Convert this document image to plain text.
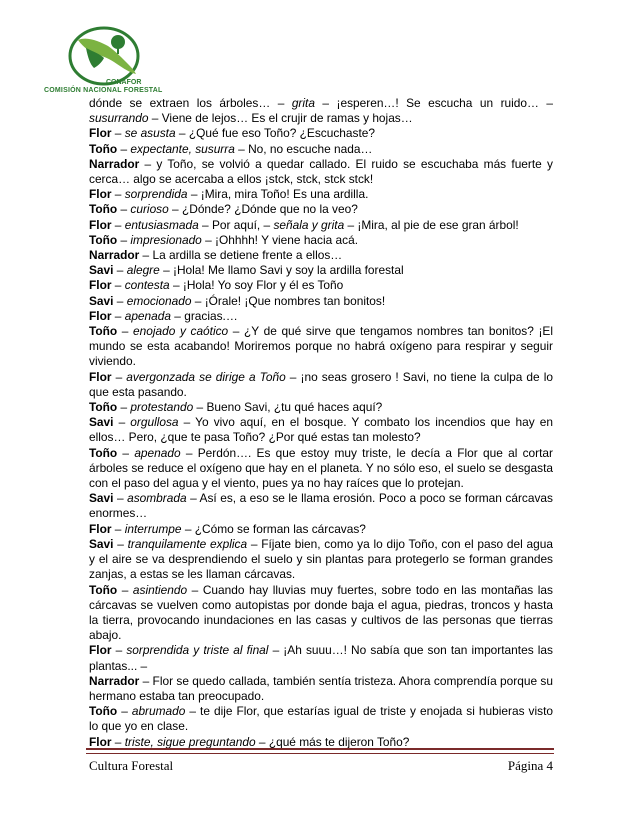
CONAFOR
COMISIÓN NACIONAL FORESTAL

dónde se extraen los árboles… – grita – ¡esperen…! Se escucha un ruido… – susurrando – Viene de lejos… Es el crujir de ramas y hojas…

Flor – se asusta – ¿Qué fue eso Toño? ¿Escuchaste?

Toño – expectante, susurra – No, no escuche nada…

Narrador – y Toño, se volvió a quedar callado. El ruido se escuchaba más fuerte y cerca… algo se acercaba a ellos ¡stck, stck, stck stck!

Flor – sorprendida – ¡Mira, mira Toño! Es una ardilla.

Toño – curioso – ¿Dónde? ¿Dónde que no la veo?

Flor – entusiasmada – Por aquí, – señala y grita – ¡Mira, al pie de ese gran árbol!

Toño – impresionado – ¡Ohhhh! Y viene hacia acá.

Narrador – La ardilla se detiene frente a ellos…

Savi – alegre – ¡Hola! Me llamo Savi y soy la ardilla forestal

Flor – contesta – ¡Hola! Yo soy Flor y él es Toño

Savi – emocionado – ¡Órale! ¡Que nombres tan bonitos!

Flor – apenada – gracias.…

Toño – enojado y caótico – ¿Y de qué sirve que tengamos nombres tan bonitos? ¡El mundo se esta acabando! Moriremos porque no habrá oxígeno para respirar y seguir viviendo.

Flor – avergonzada se dirige a Toño – ¡no seas grosero ! Savi, no tiene la culpa de lo que esta pasando.

Toño – protestando – Bueno Savi, ¿tu qué haces aquí?

Savi – orgullosa – Yo vivo aquí, en el bosque. Y combato los incendios que hay en ellos… Pero, ¿que te pasa Toño? ¿Por qué estas tan molesto?

Toño – apenado – Perdón…. Es que estoy muy triste, le decía a Flor que al cortar árboles se reduce el oxígeno que hay en el planeta. Y no sólo eso, el suelo se desgasta con el paso del agua y el viento, pues ya no hay raíces que lo protejan.

Savi – asombrada – Así es, a eso se le llama erosión. Poco a poco se forman cárcavas enormes…

Flor – interrumpe – ¿Cómo se forman las cárcavas?

Savi – tranquilamente explica – Fíjate bien, como ya lo dijo Toño, con el paso del agua y el aire se va desprendiendo el suelo y sin plantas para protegerlo se forman grandes zanjas, a estas se les llaman cárcavas.

Toño – asintiendo – Cuando hay lluvias muy fuertes, sobre todo en las montañas las cárcavas se vuelven como autopistas por donde baja el agua, piedras, troncos y hasta la tierra, provocando inundaciones en las casas y cultivos de las personas que tierras abajo.

Flor – sorprendida y triste al final – ¡Ah suuu…! No sabía que son tan importantes las plantas... –

Narrador – Flor se quedo callada, también sentía tristeza. Ahora comprendía porque su hermano estaba tan preocupado.

Toño – abrumado – te dije Flor, que estarías igual de triste y enojada si hubieras visto lo que yo en clase.

Flor – triste, sigue preguntando – ¿qué más te dijeron Toño?

Cultura Forestal	Página 4
